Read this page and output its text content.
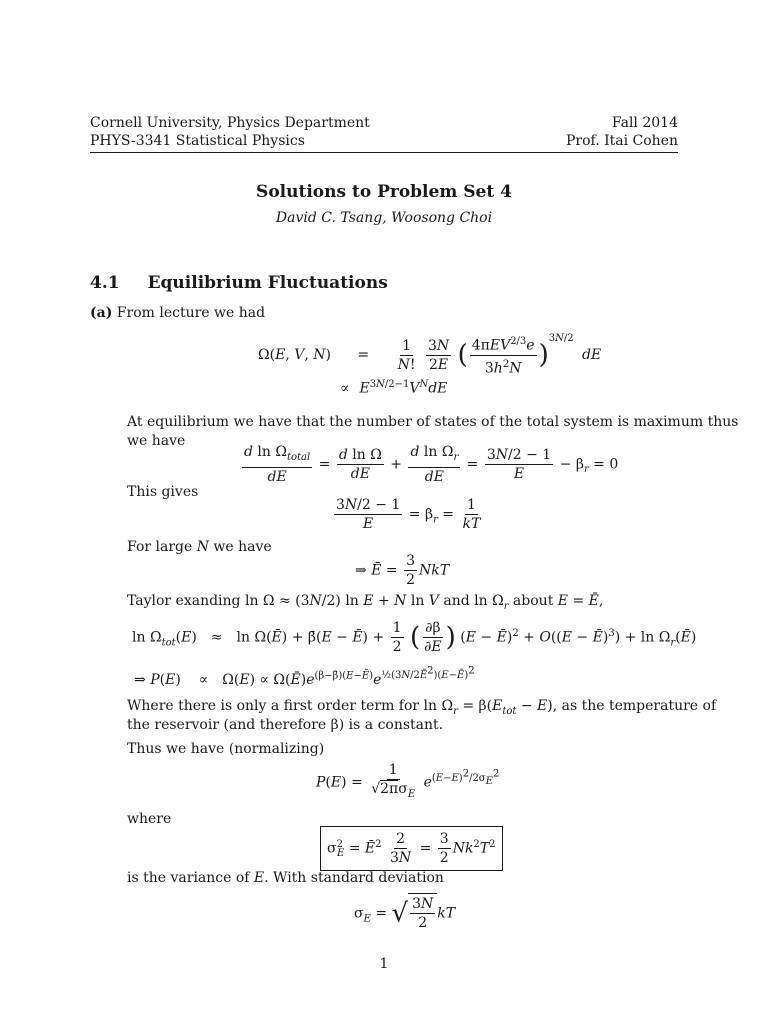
Cornell University, Physics Department
PHYS-3341 Statistical Physics
Fall 2014
Prof. Itai Cohen
Solutions to Problem Set 4
David C. Tsang, Woosong Choi
4.1 Equilibrium Fluctuations
(a) From lecture we had
Ω(E, V, $N) = \frac{1}{N!}$
$\frac{3N}{2E}$ ( $\frac{4\pi EV^{2/3}e}{3h^2N} )^{3N/2}$ dE
∝ $E^{3N/2-1}V^NdE$
At equilibrium we have that the number of states of the total system is maximum thus
we have
$\frac{d \ln \Omega_{total}}{dE} = \frac{\text{d ln Ω}}{dE} + \frac{d \ln \Omega_r}{dE} = \frac{3N/2 - 1}{E} - \beta_r = 0$
This gives
$\frac{3N/2 - 1}{E} = \beta_r = \frac{1}{kT}$
For large N we have
⇒ Ē = $\frac{3}{2}$ NkT
Taylor exanding ln Ω ≈ (3N/2) ln E + N ln V and $\ln \Omega_r$ about E = Ē,
$\ln \Omega_{tot}(E) \approx \ln$ Ω(Ē) + β̄(E − Ē) + $\frac{1}{2}$ ( $\frac{\partial\beta}{\partial E}$ ) (E − Ē)$^2$ + O((E − Ē)$^3$) + $\ln \Omega_r(Ē)$
⇒ $P(E) \propto \Omega(E) \propto \Omega(Ē)e^{(\beta-\betā)(E-Ē)}e^{\frac{1}{2}(3N/2Ē^2)(E-Ē)^2}$
Where there is only a first order term for $\ln \Omega_r = \beta(E_{tot} - E)$, as the temperature of
the reservoir (and therefore β) is a constant.
Thus we have (normalizing)
$P(E) = \frac{1}{√2\pi\sigma_E} e^{(E-E)^2/2\sigma_E^2}$
where
$\sigma^2_E$ = $Ē^2 \frac{2}{3N} = \frac{3}{2} Nk^2T^2$
is the variance of E. With standard deviation
$\sigma_E$ = √ $\frac{3N}{2}$ kT
1
